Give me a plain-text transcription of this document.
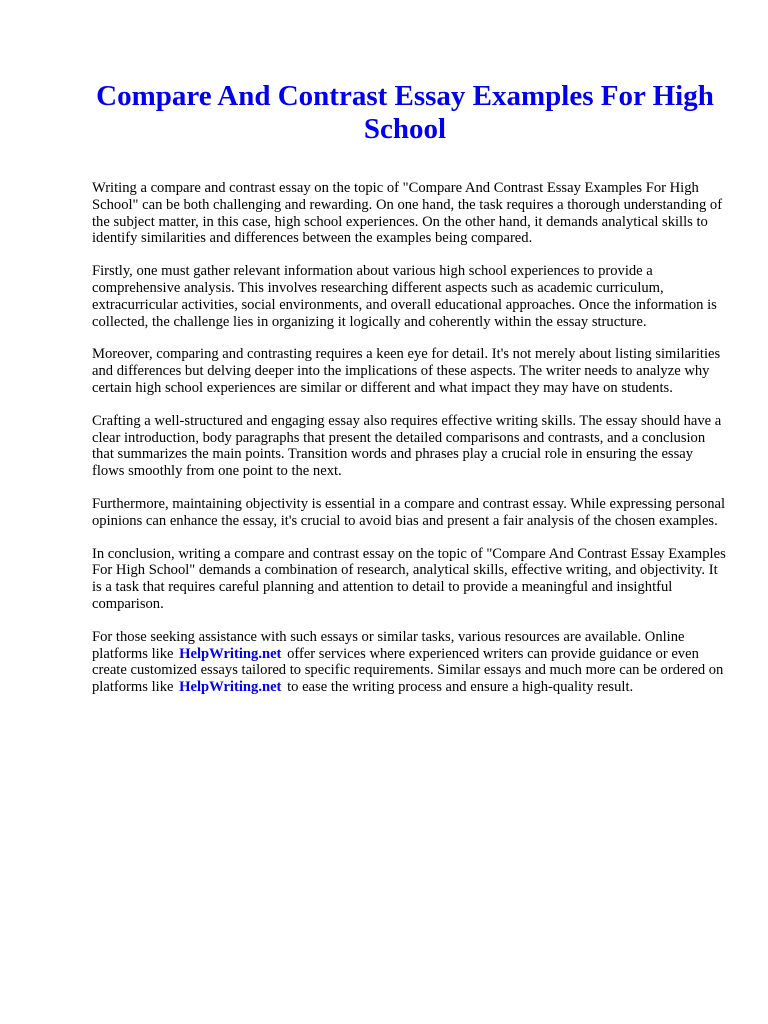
Compare And Contrast Essay Examples For High School

Writing a compare and contrast essay on the topic of "Compare And Contrast Essay Examples For High School" can be both challenging and rewarding. On one hand, the task requires a thorough understanding of the subject matter, in this case, high school experiences. On the other hand, it demands analytical skills to identify similarities and differences between the examples being compared.

Firstly, one must gather relevant information about various high school experiences to provide a comprehensive analysis. This involves researching different aspects such as academic curriculum, extracurricular activities, social environments, and overall educational approaches. Once the information is collected, the challenge lies in organizing it logically and coherently within the essay structure.

Moreover, comparing and contrasting requires a keen eye for detail. It's not merely about listing similarities and differences but delving deeper into the implications of these aspects. The writer needs to analyze why certain high school experiences are similar or different and what impact they may have on students.

Crafting a well-structured and engaging essay also requires effective writing skills. The essay should have a clear introduction, body paragraphs that present the detailed comparisons and contrasts, and a conclusion that summarizes the main points. Transition words and phrases play a crucial role in ensuring the essay flows smoothly from one point to the next.

Furthermore, maintaining objectivity is essential in a compare and contrast essay. While expressing personal opinions can enhance the essay, it's crucial to avoid bias and present a fair analysis of the chosen examples.

In conclusion, writing a compare and contrast essay on the topic of "Compare And Contrast Essay Examples For High School" demands a combination of research, analytical skills, effective writing, and objectivity. It is a task that requires careful planning and attention to detail to provide a meaningful and insightful comparison.

For those seeking assistance with such essays or similar tasks, various resources are available. Online platforms like HelpWriting.net offer services where experienced writers can provide guidance or even create customized essays tailored to specific requirements. Similar essays and much more can be ordered on platforms like HelpWriting.net to ease the writing process and ensure a high-quality result.
